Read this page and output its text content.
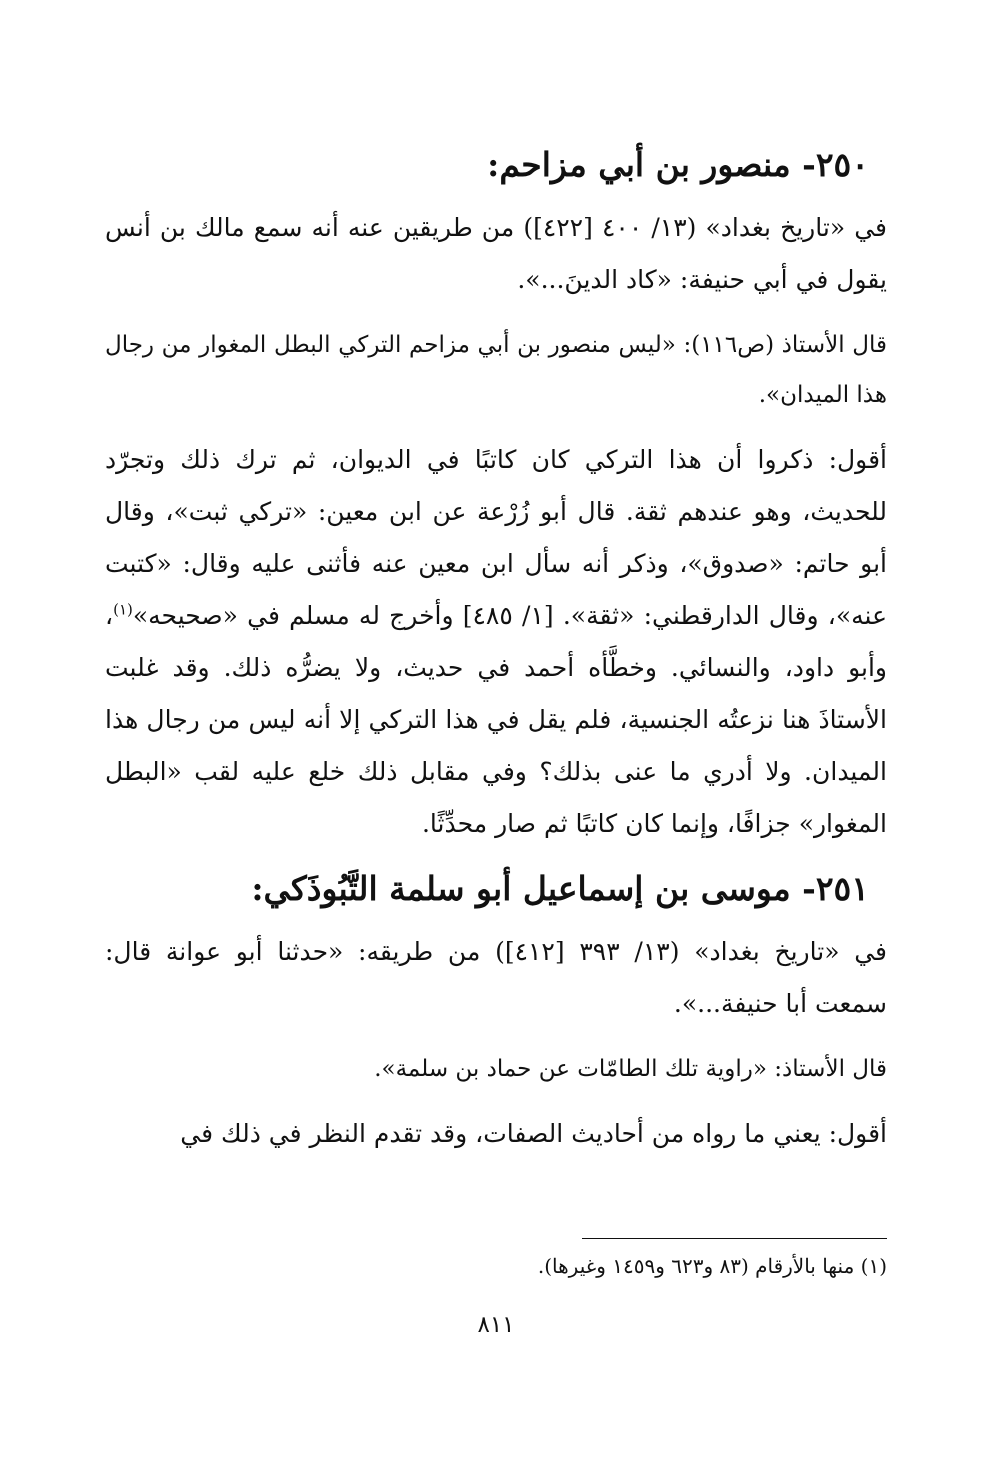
٢٥٠- منصور بن أبي مزاحم:

في «تاريخ بغداد» (١٣/ ٤٠٠ [٤٢٢]) من طريقين عنه أنه سمع مالك بن أنس يقول في أبي حنيفة: «كاد الدينَ...».

قال الأستاذ (ص١١٦): «ليس منصور بن أبي مزاحم التركي البطل المغوار من رجال هذا الميدان».

أقول: ذكروا أن هذا التركي كان كاتبًا في الديوان، ثم ترك ذلك وتجرّد للحديث، وهو عندهم ثقة. قال أبو زُرْعة عن ابن معين: «تركي ثبت»، وقال أبو حاتم: «صدوق»، وذكر أنه سأل ابن معين عنه فأثنى عليه وقال: «كتبت عنه»، وقال الدارقطني: «ثقة». [١/ ٤٨٥] وأخرج له مسلم في «صحيحه»$^{(١)}$، وأبو داود، والنسائي. وخطَّأه أحمد في حديث، ولا يضرُّه ذلك. وقد غلبت الأستاذَ هنا نزعتُه الجنسية، فلم يقل في هذا التركي إلا أنه ليس من رجال هذا الميدان. ولا أدري ما عنى بذلك؟ وفي مقابل ذلك خلع عليه لقب «البطل المغوار» جزافًا، وإنما كان كاتبًا ثم صار محدِّثًا.

٢٥١- موسى بن إسماعيل أبو سلمة التَّبُوذَكي:

في «تاريخ بغداد» (١٣/ ٣٩٣ [٤١٢]) من طريقه: «حدثنا أبو عوانة قال: سمعت أبا حنيفة...».

قال الأستاذ: «راوية تلك الطامّات عن حماد بن سلمة».

أقول: يعني ما رواه من أحاديث الصفات، وقد تقدم النظر في ذلك في

(١) منها بالأرقام (٨٣ و٦٢٣ و١٤٥٩ وغيرها).
٨١١
